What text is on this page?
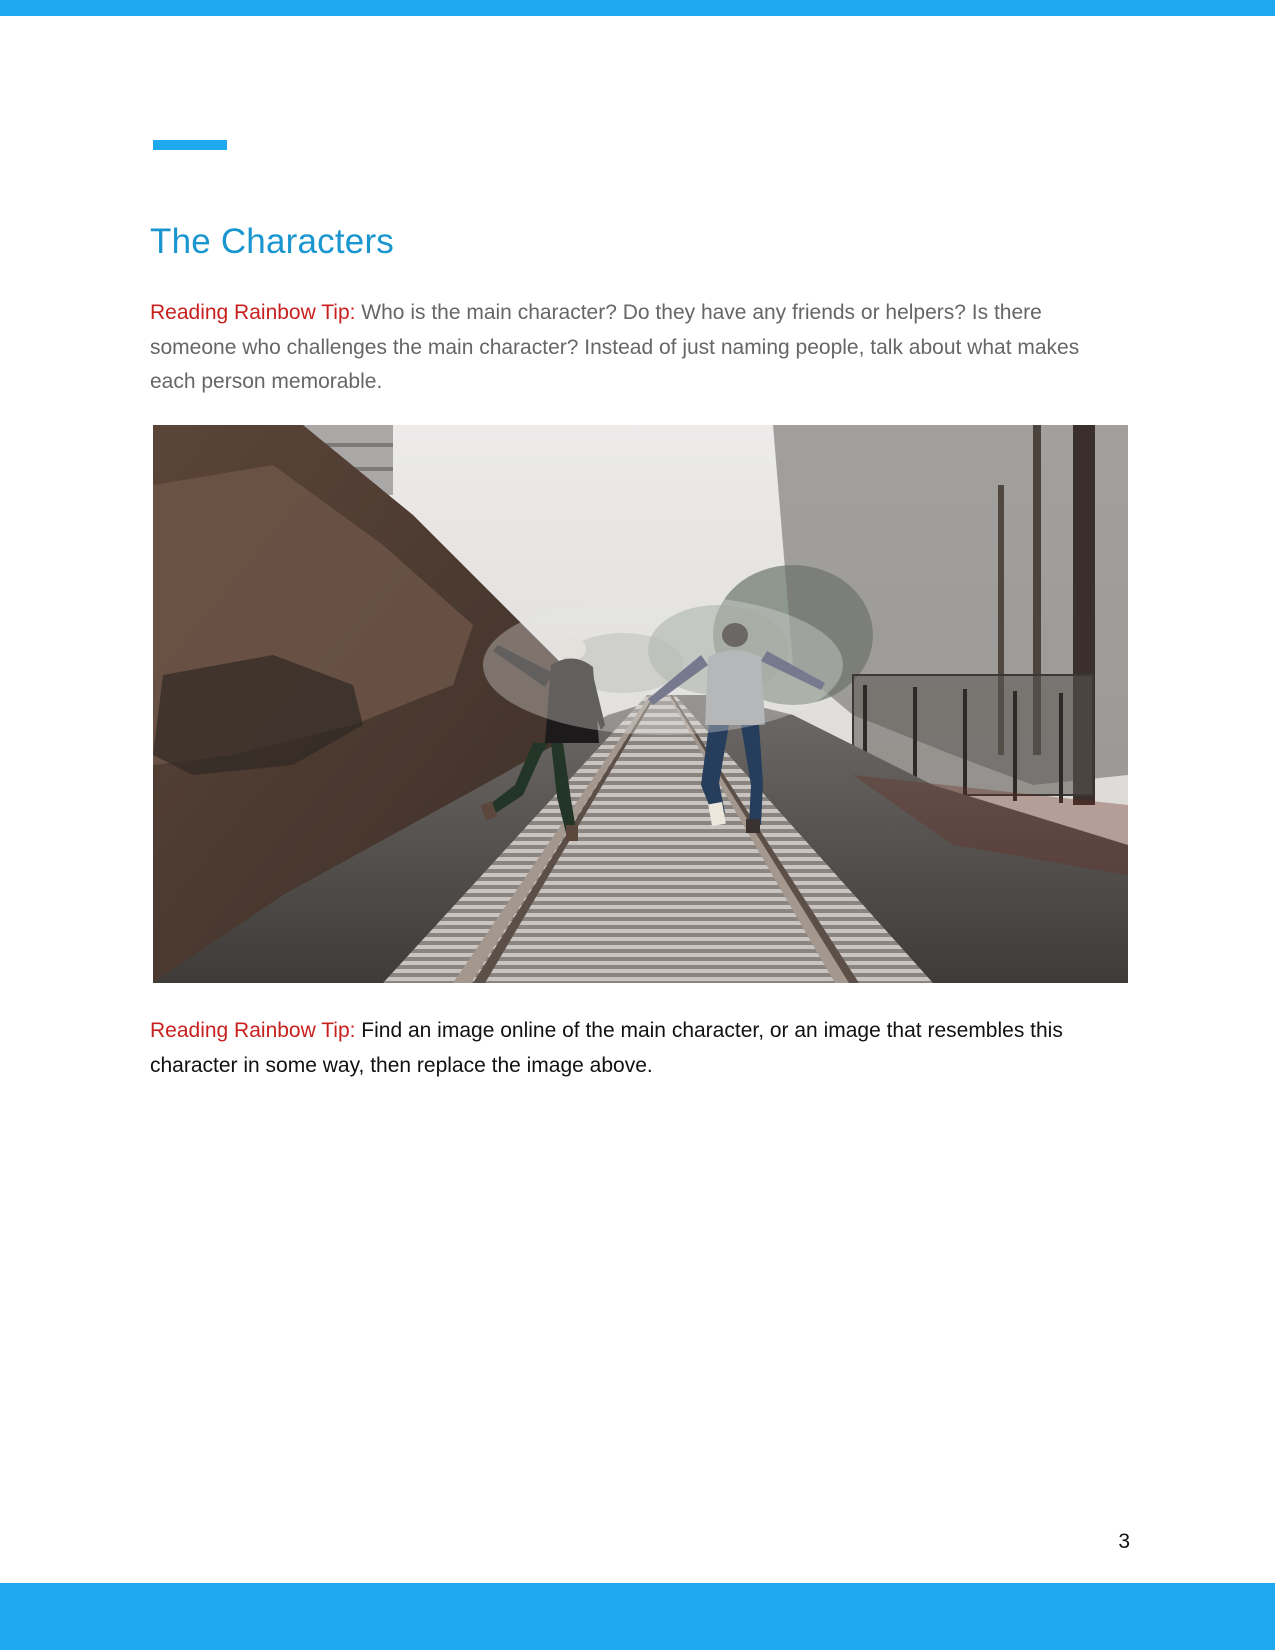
The Characters

Reading Rainbow Tip: Who is the main character? Do they have any friends or helpers? Is there someone who challenges the main character? Instead of just naming people, talk about what makes each person memorable.

Reading Rainbow Tip: Find an image online of the main character, or an image that resembles this character in some way, then replace the image above.

3
